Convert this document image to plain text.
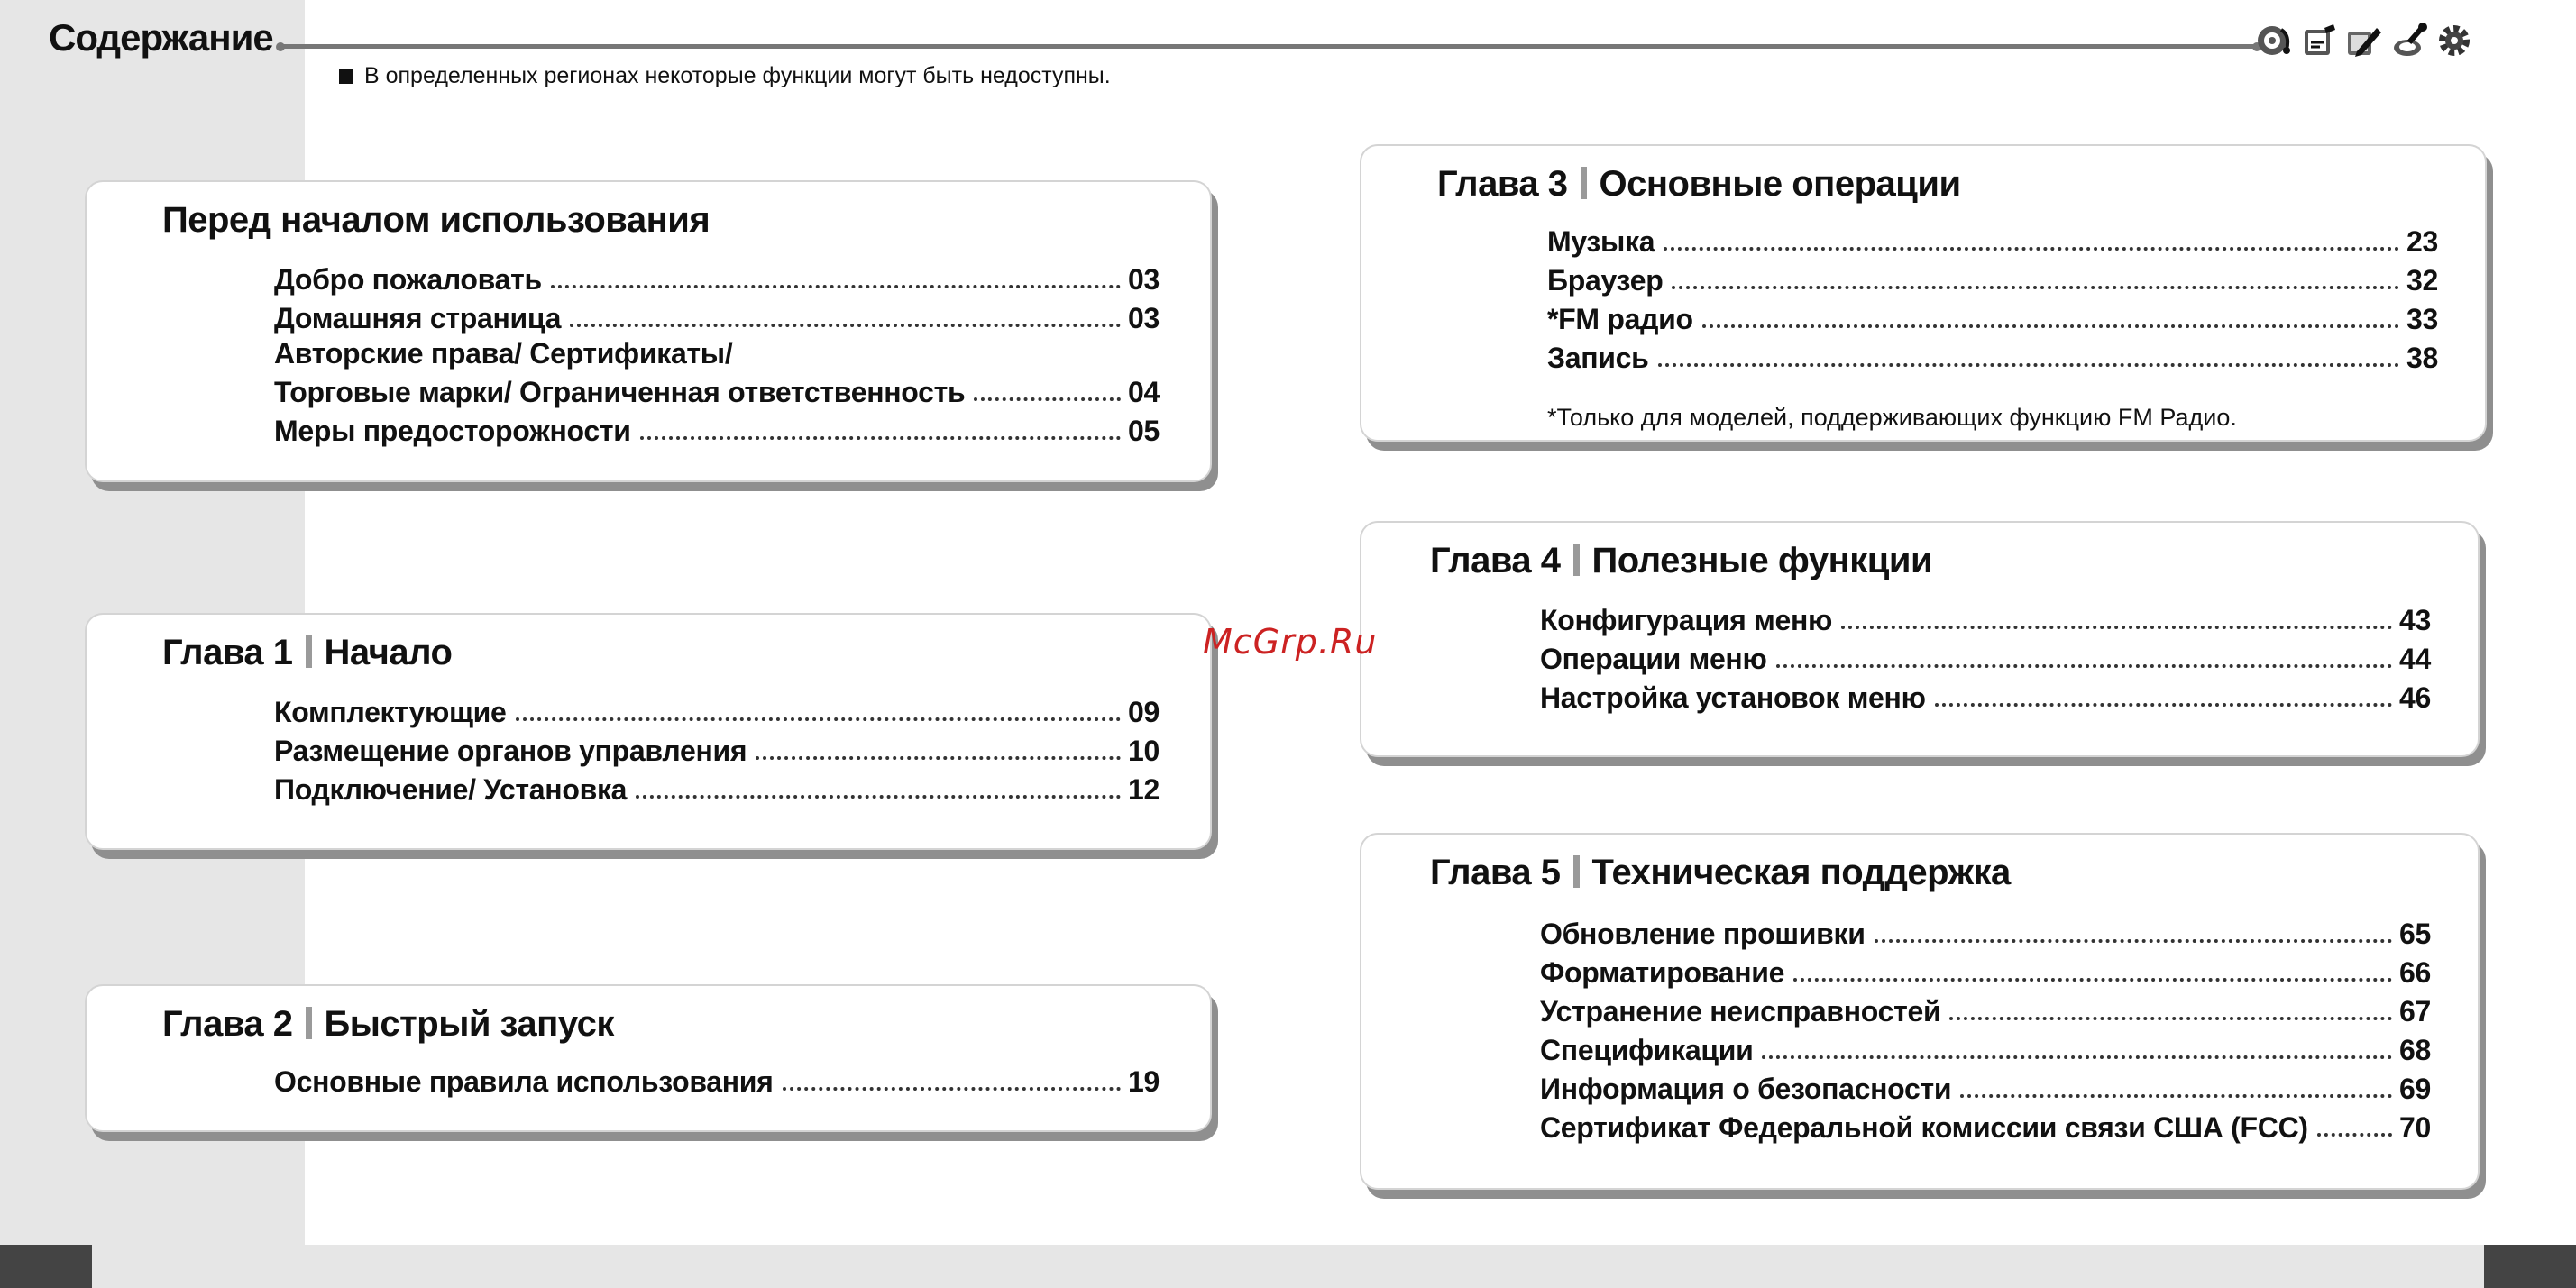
Содержание
В определенных регионах некоторые функции могут быть недоступны.
Перед началом использования
Добро пожаловать	03
Домашняя страница	03
Авторские права/ Сертификаты/
Торговые марки/ Ограниченная ответственность	04
Меры предосторожности	05
Глава 1 Начало
Комплектующие	09
Размещение органов управления	10
Подключение/ Установка	12
Глава 2 Быстрый запуск
Основные правила использования	19
Глава 3 Основные операции
Музыка	23
Браузер	32
*FM радио	33
Запись	38
*Только для моделей, поддерживающих функцию FM Радио.
Глава 4 Полезные функции
Конфигурация меню	43
Операции меню	44
Настройка установок меню	46
Глава 5 Техническая поддержка
Обновление прошивки	65
Форматирование	66
Устранение неисправностей	67
Спецификации	68
Информация о безопасности	69
Сертификат Федеральной комиссии связи США (FCC)	70
McGrp.Ru
